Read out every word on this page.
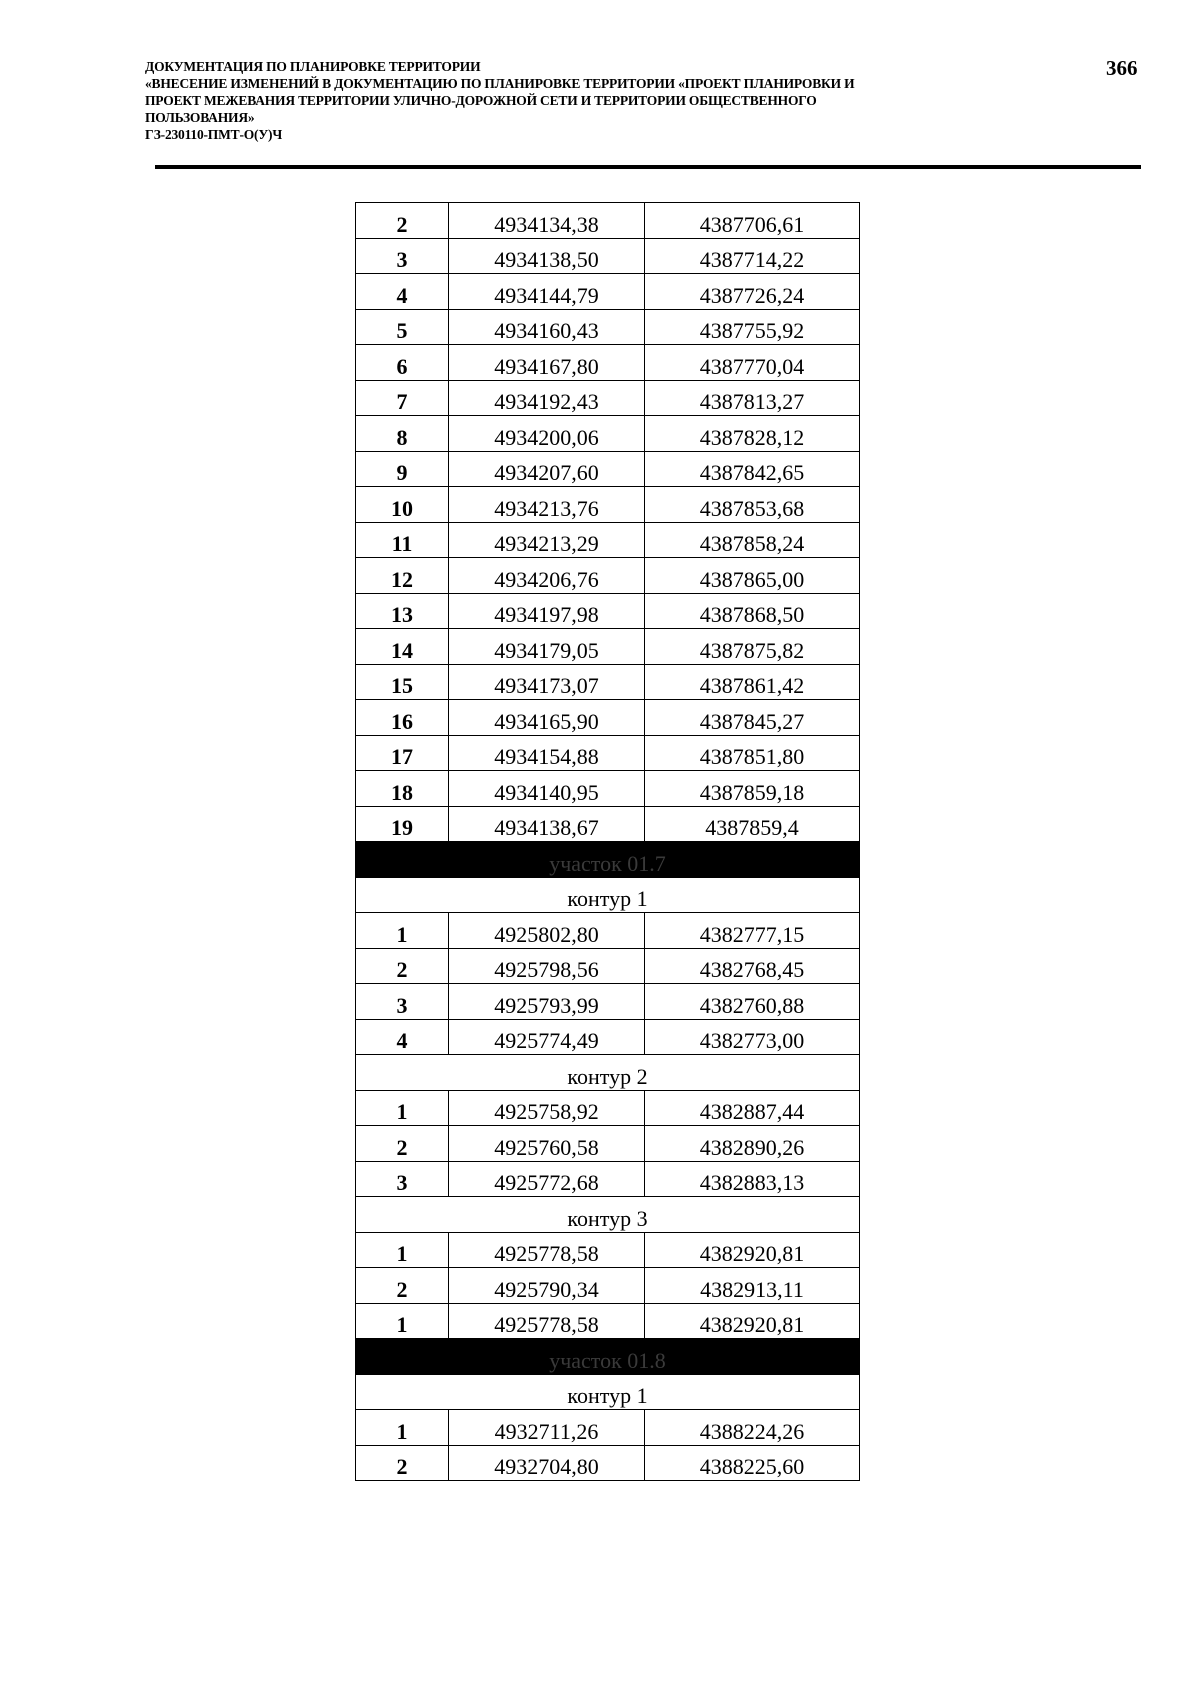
ДОКУМЕНТАЦИЯ ПО ПЛАНИРОВКЕ ТЕРРИТОРИИ
«ВНЕСЕНИЕ ИЗМЕНЕНИЙ В ДОКУМЕНТАЦИЮ ПО ПЛАНИРОВКЕ ТЕРРИТОРИИ «ПРОЕКТ ПЛАНИРОВКИ И
ПРОЕКТ МЕЖЕВАНИЯ ТЕРРИТОРИИ УЛИЧНО-ДОРОЖНОЙ СЕТИ И ТЕРРИТОРИИ ОБЩЕСТВЕННОГО
ПОЛЬЗОВАНИЯ»
ГЗ-230110-ПМТ-О(У)Ч
366
2	4934134,38	4387706,61
3	4934138,50	4387714,22
4	4934144,79	4387726,24
5	4934160,43	4387755,92
6	4934167,80	4387770,04
7	4934192,43	4387813,27
8	4934200,06	4387828,12
9	4934207,60	4387842,65
10	4934213,76	4387853,68
11	4934213,29	4387858,24
12	4934206,76	4387865,00
13	4934197,98	4387868,50
14	4934179,05	4387875,82
15	4934173,07	4387861,42
16	4934165,90	4387845,27
17	4934154,88	4387851,80
18	4934140,95	4387859,18
19	4934138,67	4387859,4
участок 01.7		
контур 1		
1	4925802,80	4382777,15
2	4925798,56	4382768,45
3	4925793,99	4382760,88
4	4925774,49	4382773,00
контур 2		
1	4925758,92	4382887,44
2	4925760,58	4382890,26
3	4925772,68	4382883,13
контур 3		
1	4925778,58	4382920,81
2	4925790,34	4382913,11
1	4925778,58	4382920,81
участок 01.8		
контур 1		
1	4932711,26	4388224,26
2	4932704,80	4388225,60
